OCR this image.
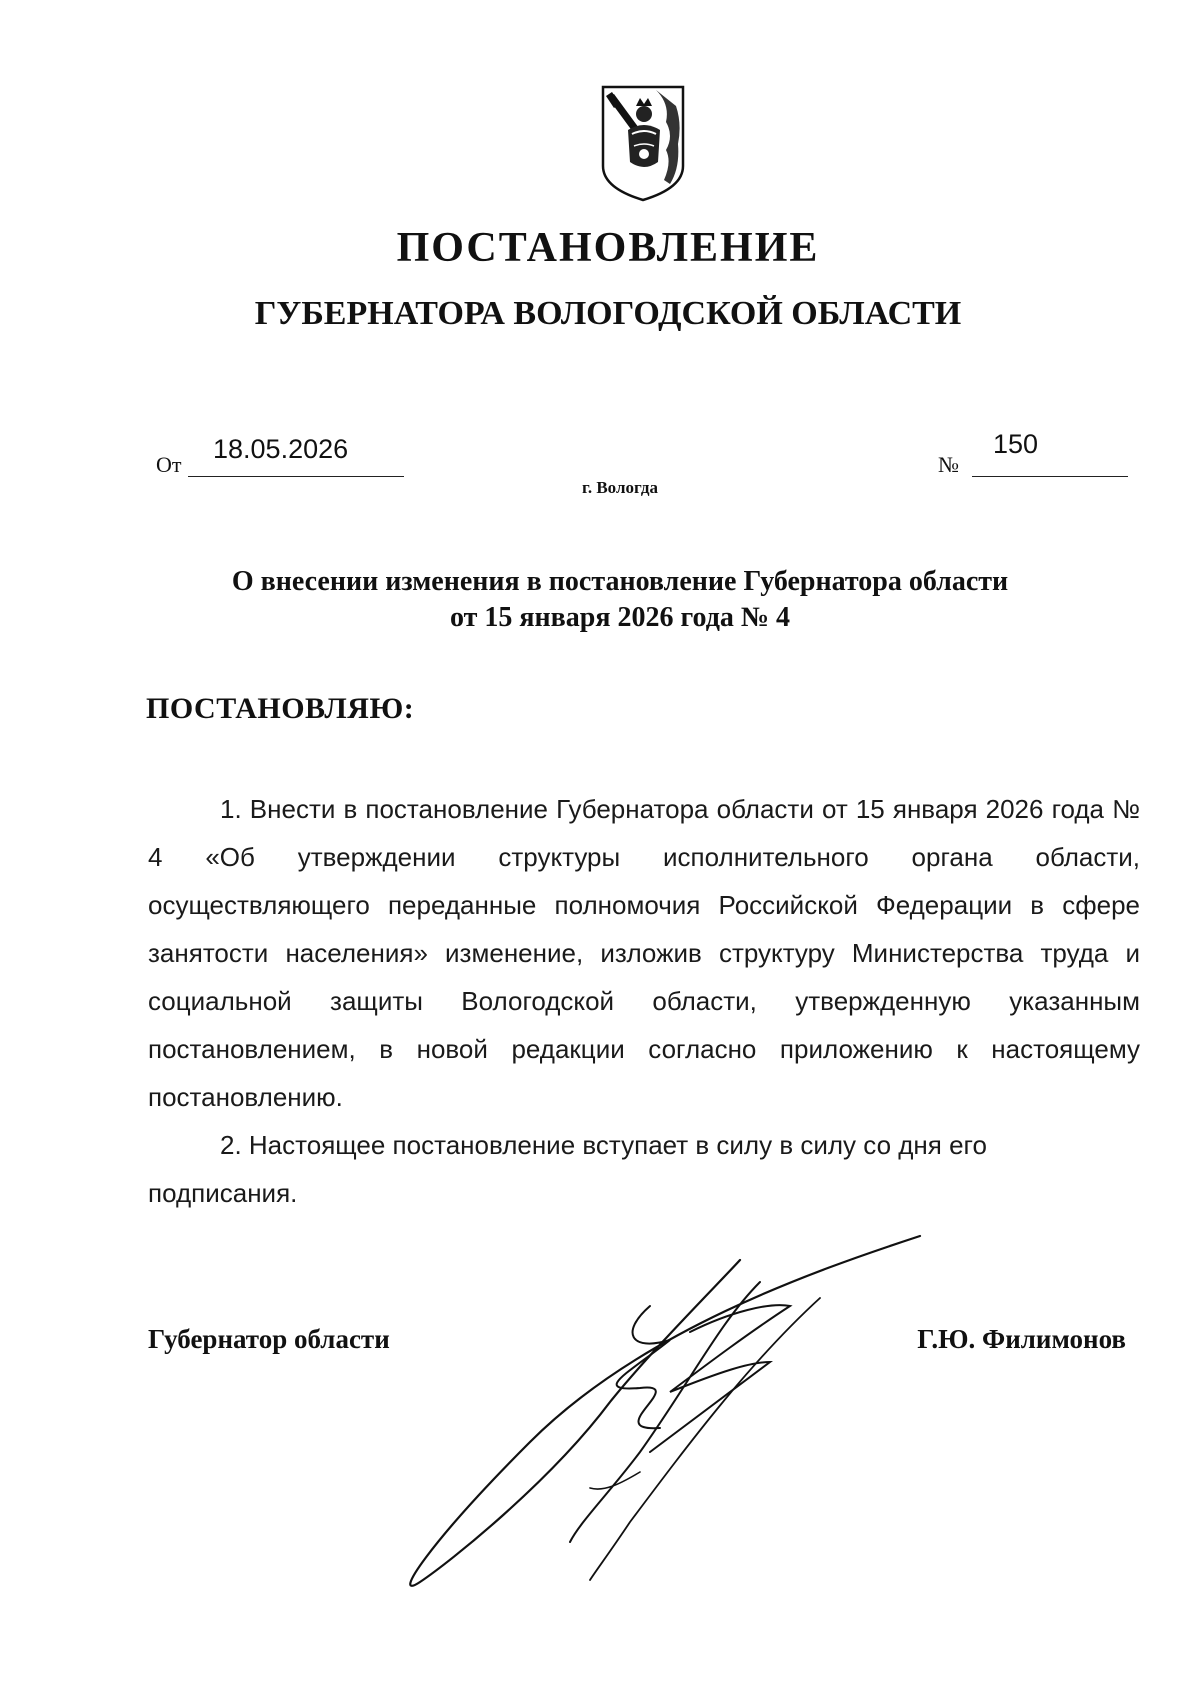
ПОСТАНОВЛЕНИЕ
ГУБЕРНАТОРА ВОЛОГОДСКОЙ ОБЛАСТИ
От
18.05.2026
№
150
г. Вологда
О внесении изменения в постановление Губернатора области
от 15 января 2026 года № 4
ПОСТАНОВЛЯЮ:

1. Внести в постановление Губернатора области от 15 января 2026 года № 4 «Об утверждении структуры исполнительного органа области, осуществляющего переданные полномочия Российской Федерации в сфере занятости населения» изменение, изложив структуру Министерства труда и социальной защиты Вологодской области, утвержденную указанным постановлением, в новой редакции согласно приложению к настоящему постановлению.

2. Настоящее постановление вступает в силу в силу со дня его подписания.

Губернатор области	Г.Ю. Филимонов
